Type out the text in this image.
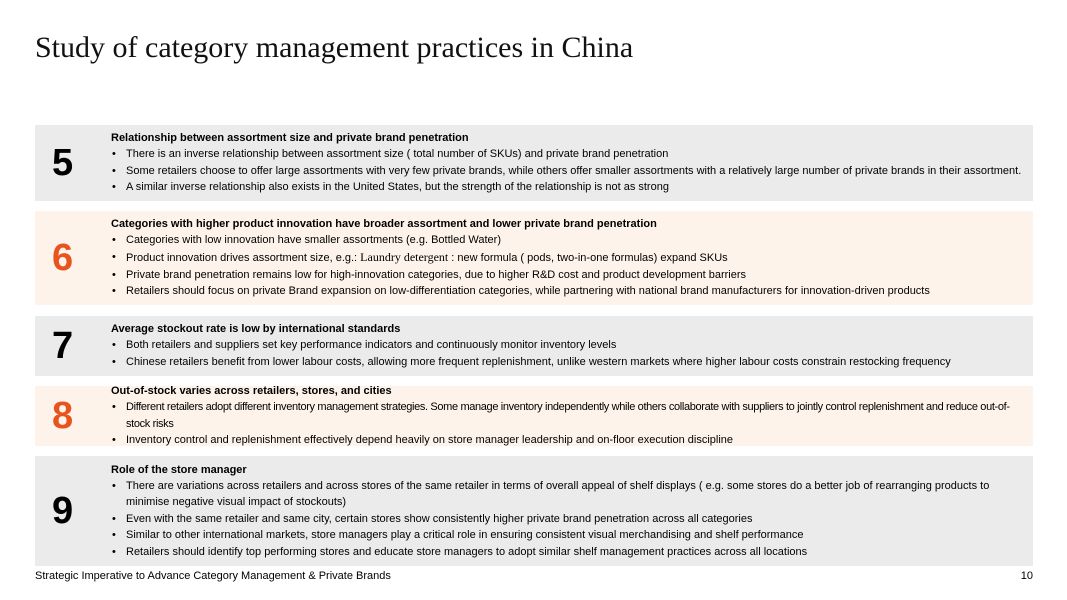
Study of category management practices in China
5
Relationship between assortment size and private brand penetration
• There is an inverse relationship between assortment size ( total number of SKUs) and private brand penetration
• Some retailers choose to offer large assortments with very few private brands, while others offer smaller assortments with a relatively large number of private brands in their assortment.
• A similar inverse relationship also exists in the United States, but the strength of the relationship is not as strong
6
Categories with higher product innovation have broader assortment and lower private brand penetration
• Categories with low innovation have smaller assortments (e.g. Bottled Water)
• Product innovation drives assortment size, e.g.: Laundry detergent : new formula ( pods, two-in-one formulas) expand SKUs
• Private brand penetration remains low for high-innovation categories, due to higher R&D cost and product development barriers
• Retailers should focus on private Brand expansion on low-differentiation categories, while partnering with national brand manufacturers for innovation-driven products
7	Average stockout rate is low by international standards
• Both retailers and suppliers set key performance indicators and continuously monitor inventory levels
• Chinese retailers benefit from lower labour costs, allowing more frequent replenishment, unlike western markets where higher labour costs constrain restocking frequency
8
Out-of-stock varies across retailers, stores, and cities
• Different retailers adopt different inventory management strategies. Some manage inventory independently while others collaborate with suppliers to jointly control replenishment and reduce out-of-stock risks
• Inventory control and replenishment effectively depend heavily on store manager leadership and on-floor execution discipline
9
Role of the store manager
• There are variations across retailers and across stores of the same retailer in terms of overall appeal of shelf displays ( e.g. some stores do a better job of rearranging products to minimise negative visual impact of stockouts)
• Even with the same retailer and same city, certain stores show consistently higher private brand penetration across all categories
• Similar to other international markets, store managers play a critical role in ensuring consistent visual merchandising and shelf performance
• Retailers should identify top performing stores and educate store managers to adopt similar shelf management practices across all locations
Strategic Imperative to Advance Category Management & Private Brands	10
